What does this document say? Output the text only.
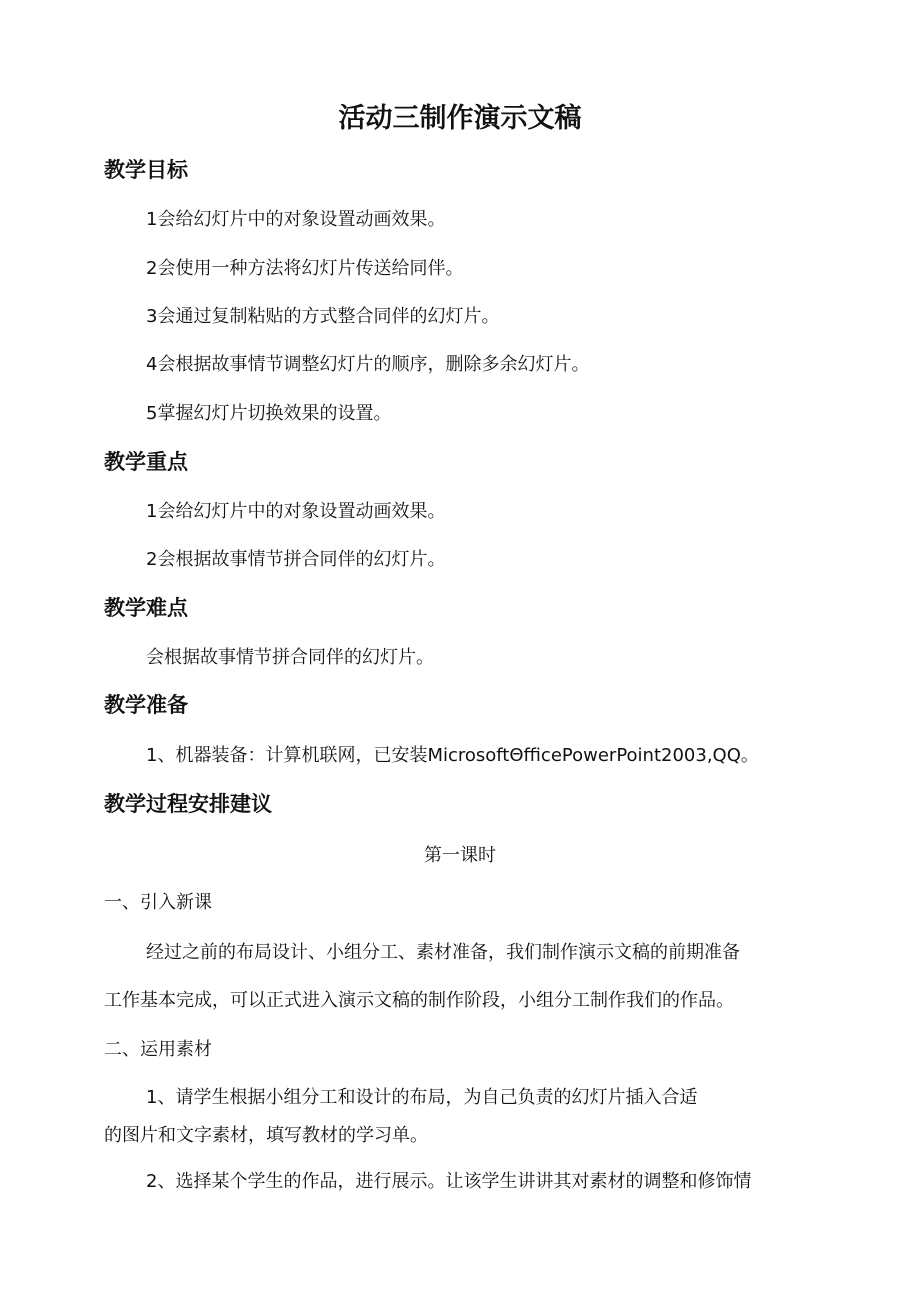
活动三制作演示文稿
教学目标

1会给幻灯片中的对象设置动画效果。

2会使用一种方法将幻灯片传送给同伴。

3会通过复制粘贴的方式整合同伴的幻灯片。

4会根据故事情节调整幻灯片的顺序，删除多余幻灯片。

5掌握幻灯片切换效果的设置。

教学重点

1会给幻灯片中的对象设置动画效果。

2会根据故事情节拼合同伴的幻灯片。

教学难点

会根据故事情节拼合同伴的幻灯片。

教学准备

1、机器装备：计算机联网，已安装MicrosoftΘfficePowerPoint2003,QQ。

教学过程安排建议

第一课时

一、引入新课

经过之前的布局设计、小组分工、素材准备，我们制作演示文稿的前期准备

工作基本完成，可以正式进入演示文稿的制作阶段，小组分工制作我们的作品。

二、运用素材

1、请学生根据小组分工和设计的布局，为自己负责的幻灯片插入合适

的图片和文字素材，填写教材的学习单。

2、选择某个学生的作品，进行展示。让该学生讲讲其对素材的调整和修饰情
